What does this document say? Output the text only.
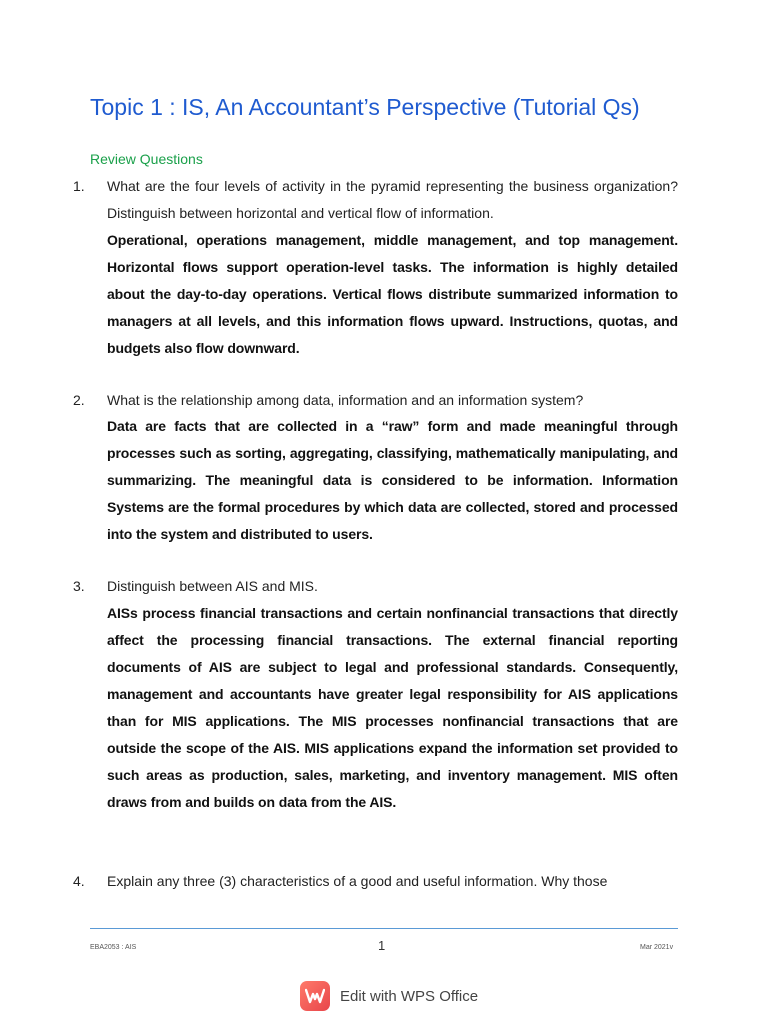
Topic 1 : IS, An Accountant’s Perspective (Tutorial Qs)
Review Questions
1. What are the four levels of activity in the pyramid representing the business organization? Distinguish between horizontal and vertical flow of information.
Operational, operations management, middle management, and top management. Horizontal flows support operation-level tasks. The information is highly detailed about the day-to-day operations. Vertical flows distribute summarized information to managers at all levels, and this information flows upward. Instructions, quotas, and budgets also flow downward.
2. What is the relationship among data, information and an information system?
Data are facts that are collected in a “raw” form and made meaningful through processes such as sorting, aggregating, classifying, mathematically manipulating, and summarizing. The meaningful data is considered to be information. Information Systems are the formal procedures by which data are collected, stored and processed into the system and distributed to users.
3. Distinguish between AIS and MIS.
AISs process financial transactions and certain nonfinancial transactions that directly affect the processing financial transactions. The external financial reporting documents of AIS are subject to legal and professional standards. Consequently, management and accountants have greater legal responsibility for AIS applications than for MIS applications. The MIS processes nonfinancial transactions that are outside the scope of the AIS. MIS applications expand the information set provided to such areas as production, sales, marketing, and inventory management. MIS often draws from and builds on data from the AIS.
4. Explain any three (3) characteristics of a good and useful information. Why those
EBA2053 : AIS	1	Mar 2021v
Edit with WPS Office
